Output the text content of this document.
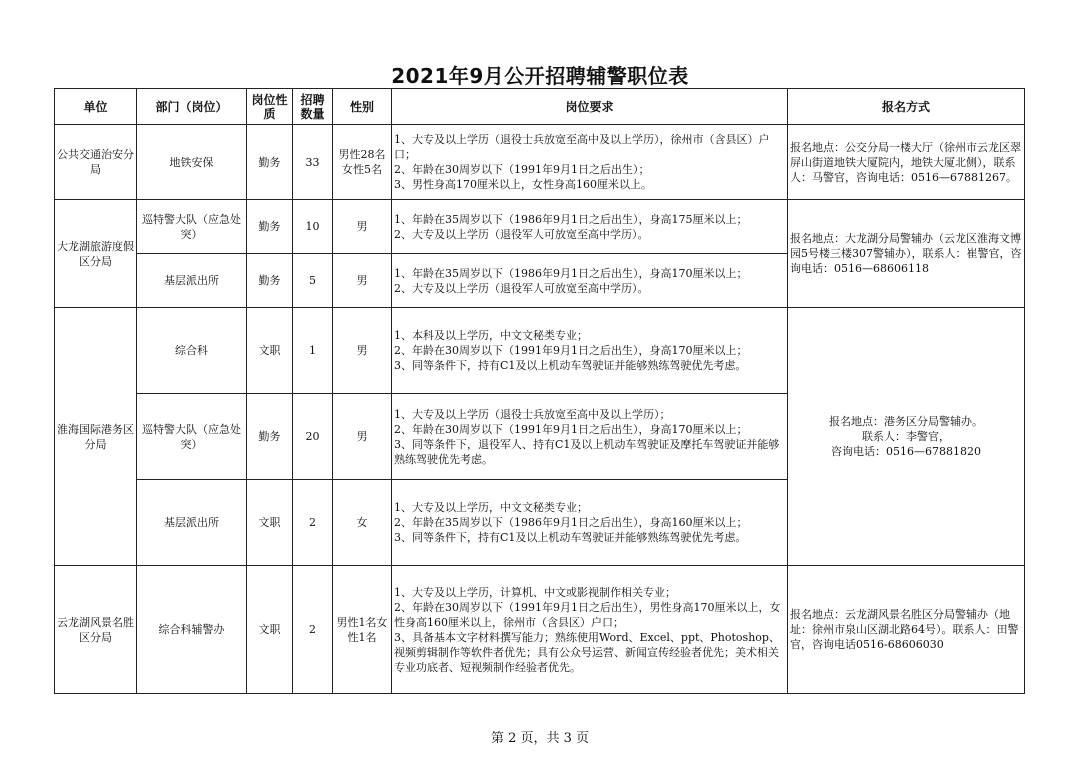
2021年9月公开招聘辅警职位表
单位	部门（岗位）	岗位性质	招聘数量	性别	岗位要求	报名方式
公共交通治安分局	地铁安保	勤务	33	男性28名女性5名	1、大专及以上学历（退役士兵放宽至高中及以上学历），徐州市（含县区）户口；
2、年龄在30周岁以下（1991年9月1日之后出生）；
3、男性身高170厘米以上，女性身高160厘米以上。	报名地点：公交分局一楼大厅（徐州市云龙区翠屏山街道地铁大厦院内，地铁大厦北侧），联系人：马警官，咨询电话：0516—67881267。
大龙湖旅游度假区分局	巡特警大队（应急处突）	勤务	10	男	1、年龄在35周岁以下（1986年9月1日之后出生），身高175厘米以上；
2、大专及以上学历（退役军人可放宽至高中学历）。	报名地点：大龙湖分局警辅办（云龙区淮海文博园5号楼三楼307警辅办），联系人：崔警官，咨询电话：0516—68606118
	基层派出所	勤务	5	男	1、年龄在35周岁以下（1986年9月1日之后出生），身高170厘米以上；
2、大专及以上学历（退役军人可放宽至高中学历）。	

淮海国际港务区分局	综合科	文职	1	男	1、本科及以上学历，中文文秘类专业；
2、年龄在30周岁以下（1991年9月1日之后出生），身高170厘米以上；
3、同等条件下，持有C1及以上机动车驾驶证并能够熟练驾驶优先考虑。	报名地点：港务区分局警辅办。
联系人：李警官，
咨询电话：0516—67881820

	巡特警大队（应急处突）	勤务	20	男	1、大专及以上学历（退役士兵放宽至高中及以上学历）；
2、年龄在30周岁以下（1991年9月1日之后出生），身高170厘米以上；
3、同等条件下，退役军人、持有C1及以上机动车驾驶证及摩托车驾驶证并能够熟练驾驶优先考虑。	

	基层派出所	文职	2	女	1、大专及以上学历，中文文秘类专业；
2、年龄在35周岁以下（1986年9月1日之后出生），身高160厘米以上；
3、同等条件下，持有C1及以上机动车驾驶证并能够熟练驾驶优先考虑。	

云龙湖风景名胜区分局	综合科辅警办	文职	2	男性1名女性1名	1、大专及以上学历，计算机、中文或影视制作相关专业；
2、年龄在30周岁以下（1991年9月1日之后出生），男性身高170厘米以上，女性身高160厘米以上，徐州市（含县区）户口；
3、具备基本文字材料撰写能力；熟练使用Word、Excel、ppt、Photoshop、视频剪辑制作等软件者优先；具有公众号运营、新闻宣传经验者优先；美术相关专业功底者、短视频制作经验者优先。	报名地点：云龙湖风景名胜区分局警辅办（地址：徐州市泉山区湖北路64号）。联系人：田警官，咨询电话0516-68606030
第 2 页，共 3 页
